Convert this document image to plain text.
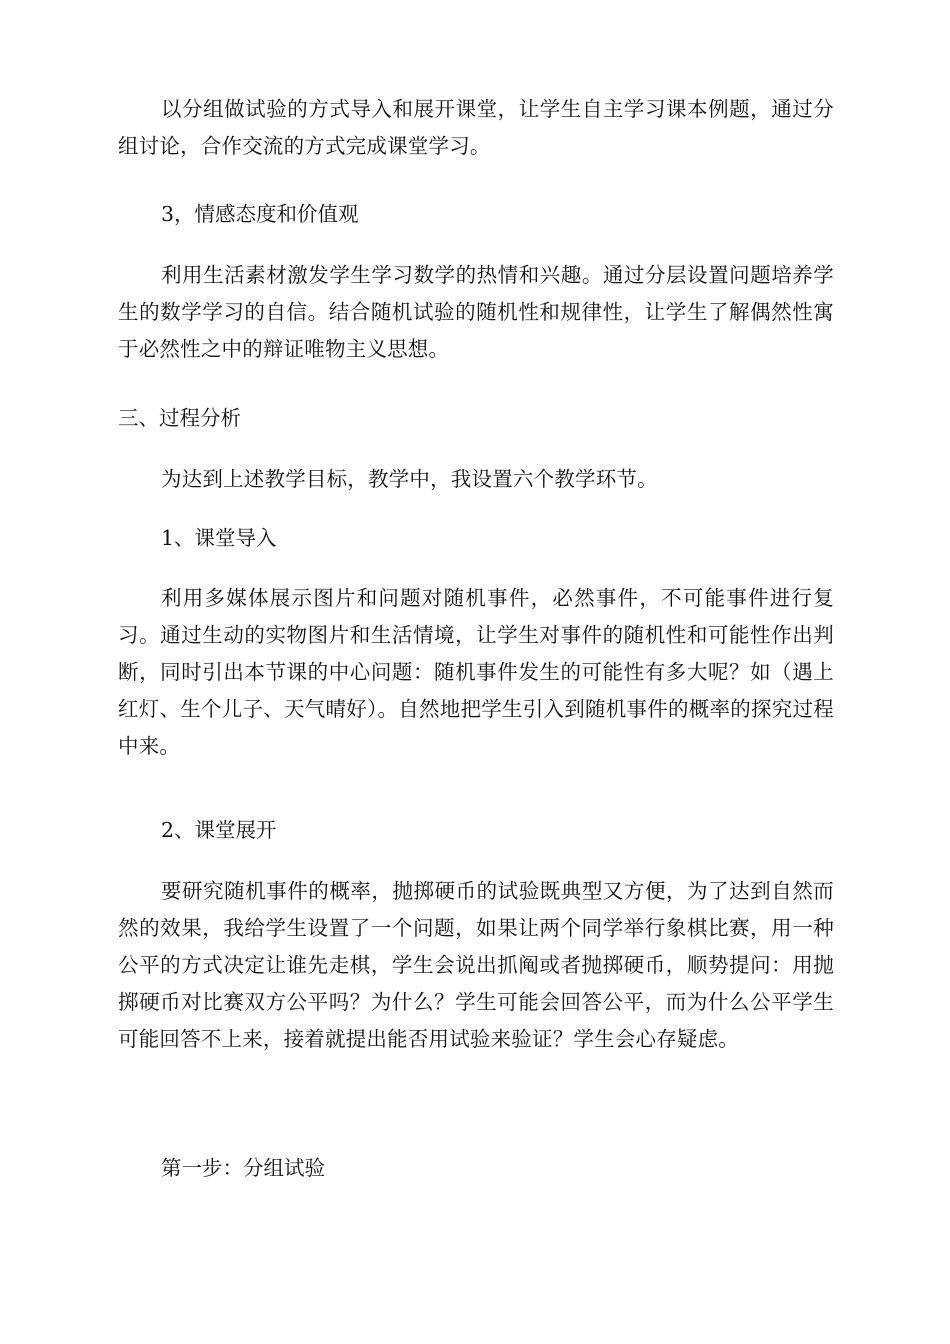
以分组做试验的方式导入和展开课堂，让学生自主学习课本例题，通过分组讨论，合作交流的方式完成课堂学习。

3，情感态度和价值观

利用生活素材激发学生学习数学的热情和兴趣。通过分层设置问题培养学生的数学学习的自信。结合随机试验的随机性和规律性，让学生了解偶然性寓于必然性之中的辩证唯物主义思想。

三、过程分析

为达到上述教学目标，教学中，我设置六个教学环节。

1、课堂导入

利用多媒体展示图片和问题对随机事件，必然事件，不可能事件进行复习。通过生动的实物图片和生活情境，让学生对事件的随机性和可能性作出判断，同时引出本节课的中心问题：随机事件发生的可能性有多大呢？如（遇上红灯、生个儿子、天气晴好）。自然地把学生引入到随机事件的概率的探究过程中来。

2、课堂展开

要研究随机事件的概率，抛掷硬币的试验既典型又方便，为了达到自然而然的效果，我给学生设置了一个问题，如果让两个同学举行象棋比赛，用一种公平的方式决定让谁先走棋，学生会说出抓阄或者抛掷硬币，顺势提问：用抛掷硬币对比赛双方公平吗？为什么？学生可能会回答公平，而为什么公平学生可能回答不上来，接着就提出能否用试验来验证？学生会心存疑虑。

第一步：分组试验
